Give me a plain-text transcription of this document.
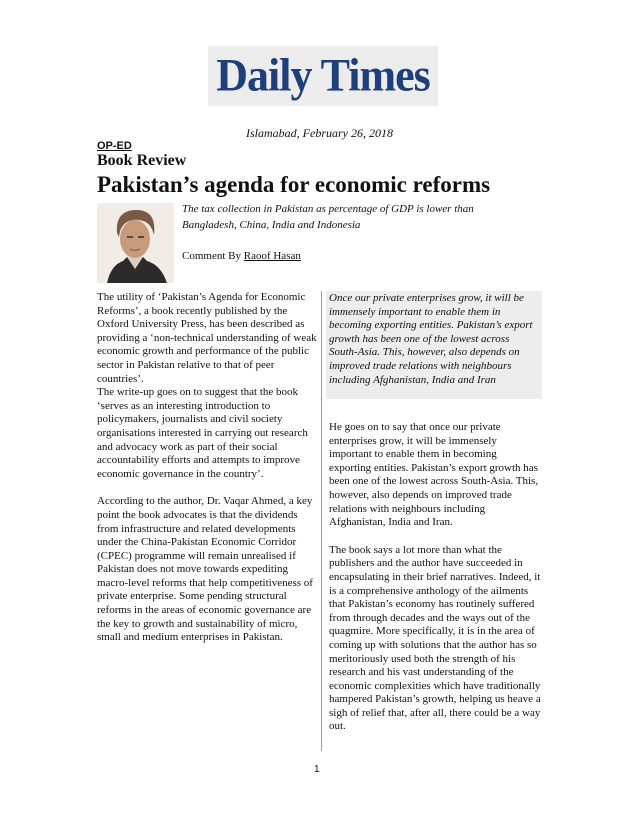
Daily Times
Islamabad, February 26, 2018
OP-ED
Book Review
Pakistan’s agenda for economic reforms

The tax collection in Pakistan as percentage of GDP is lower than Bangladesh, China, India and Indonesia

Comment By Raoof Hasan

The utility of ‘Pakistan’s Agenda for Economic Reforms’, a book recently published by the Oxford University Press, has been described as providing a ‘non-technical understanding of weak economic growth and performance of the public sector in Pakistan relative to that of peer countries’.

The write-up goes on to suggest that the book ‘serves as an interesting introduction to policymakers, journalists and civil society organisations interested in carrying out research and advocacy work as part of their social accountability efforts and attempts to improve economic governance in the country’.

According to the author, Dr. Vaqar Ahmed, a key point the book advocates is that the dividends from infrastructure and related developments under the China-Pakistan Economic Corridor (CPEC) programme will remain unrealised if Pakistan does not move towards expediting macro-level reforms that help competitiveness of private enterprise. Some pending structural reforms in the areas of economic governance are the key to growth and sustainability of micro, small and medium enterprises in Pakistan.

Once our private enterprises grow, it will be immensely important to enable them in becoming exporting entities. Pakistan’s export growth has been one of the lowest across South-Asia. This, however, also depends on improved trade relations with neighbours including Afghanistan, India and Iran

He goes on to say that once our private enterprises grow, it will be immensely important to enable them in becoming exporting entities. Pakistan’s export growth has been one of the lowest across South-Asia. This, however, also depends on improved trade relations with neighbours including Afghanistan, India and Iran.

The book says a lot more than what the publishers and the author have succeeded in encapsulating in their brief narratives. Indeed, it is a comprehensive anthology of the ailments that Pakistan’s economy has routinely suffered from through decades and the ways out of the quagmire. More specifically, it is in the area of coming up with solutions that the author has so meritoriously used both the strength of his research and his vast understanding of the economic complexities which have traditionally hampered Pakistan’s growth, helping us heave a sigh of relief that, after all, there could be a way out.

1
